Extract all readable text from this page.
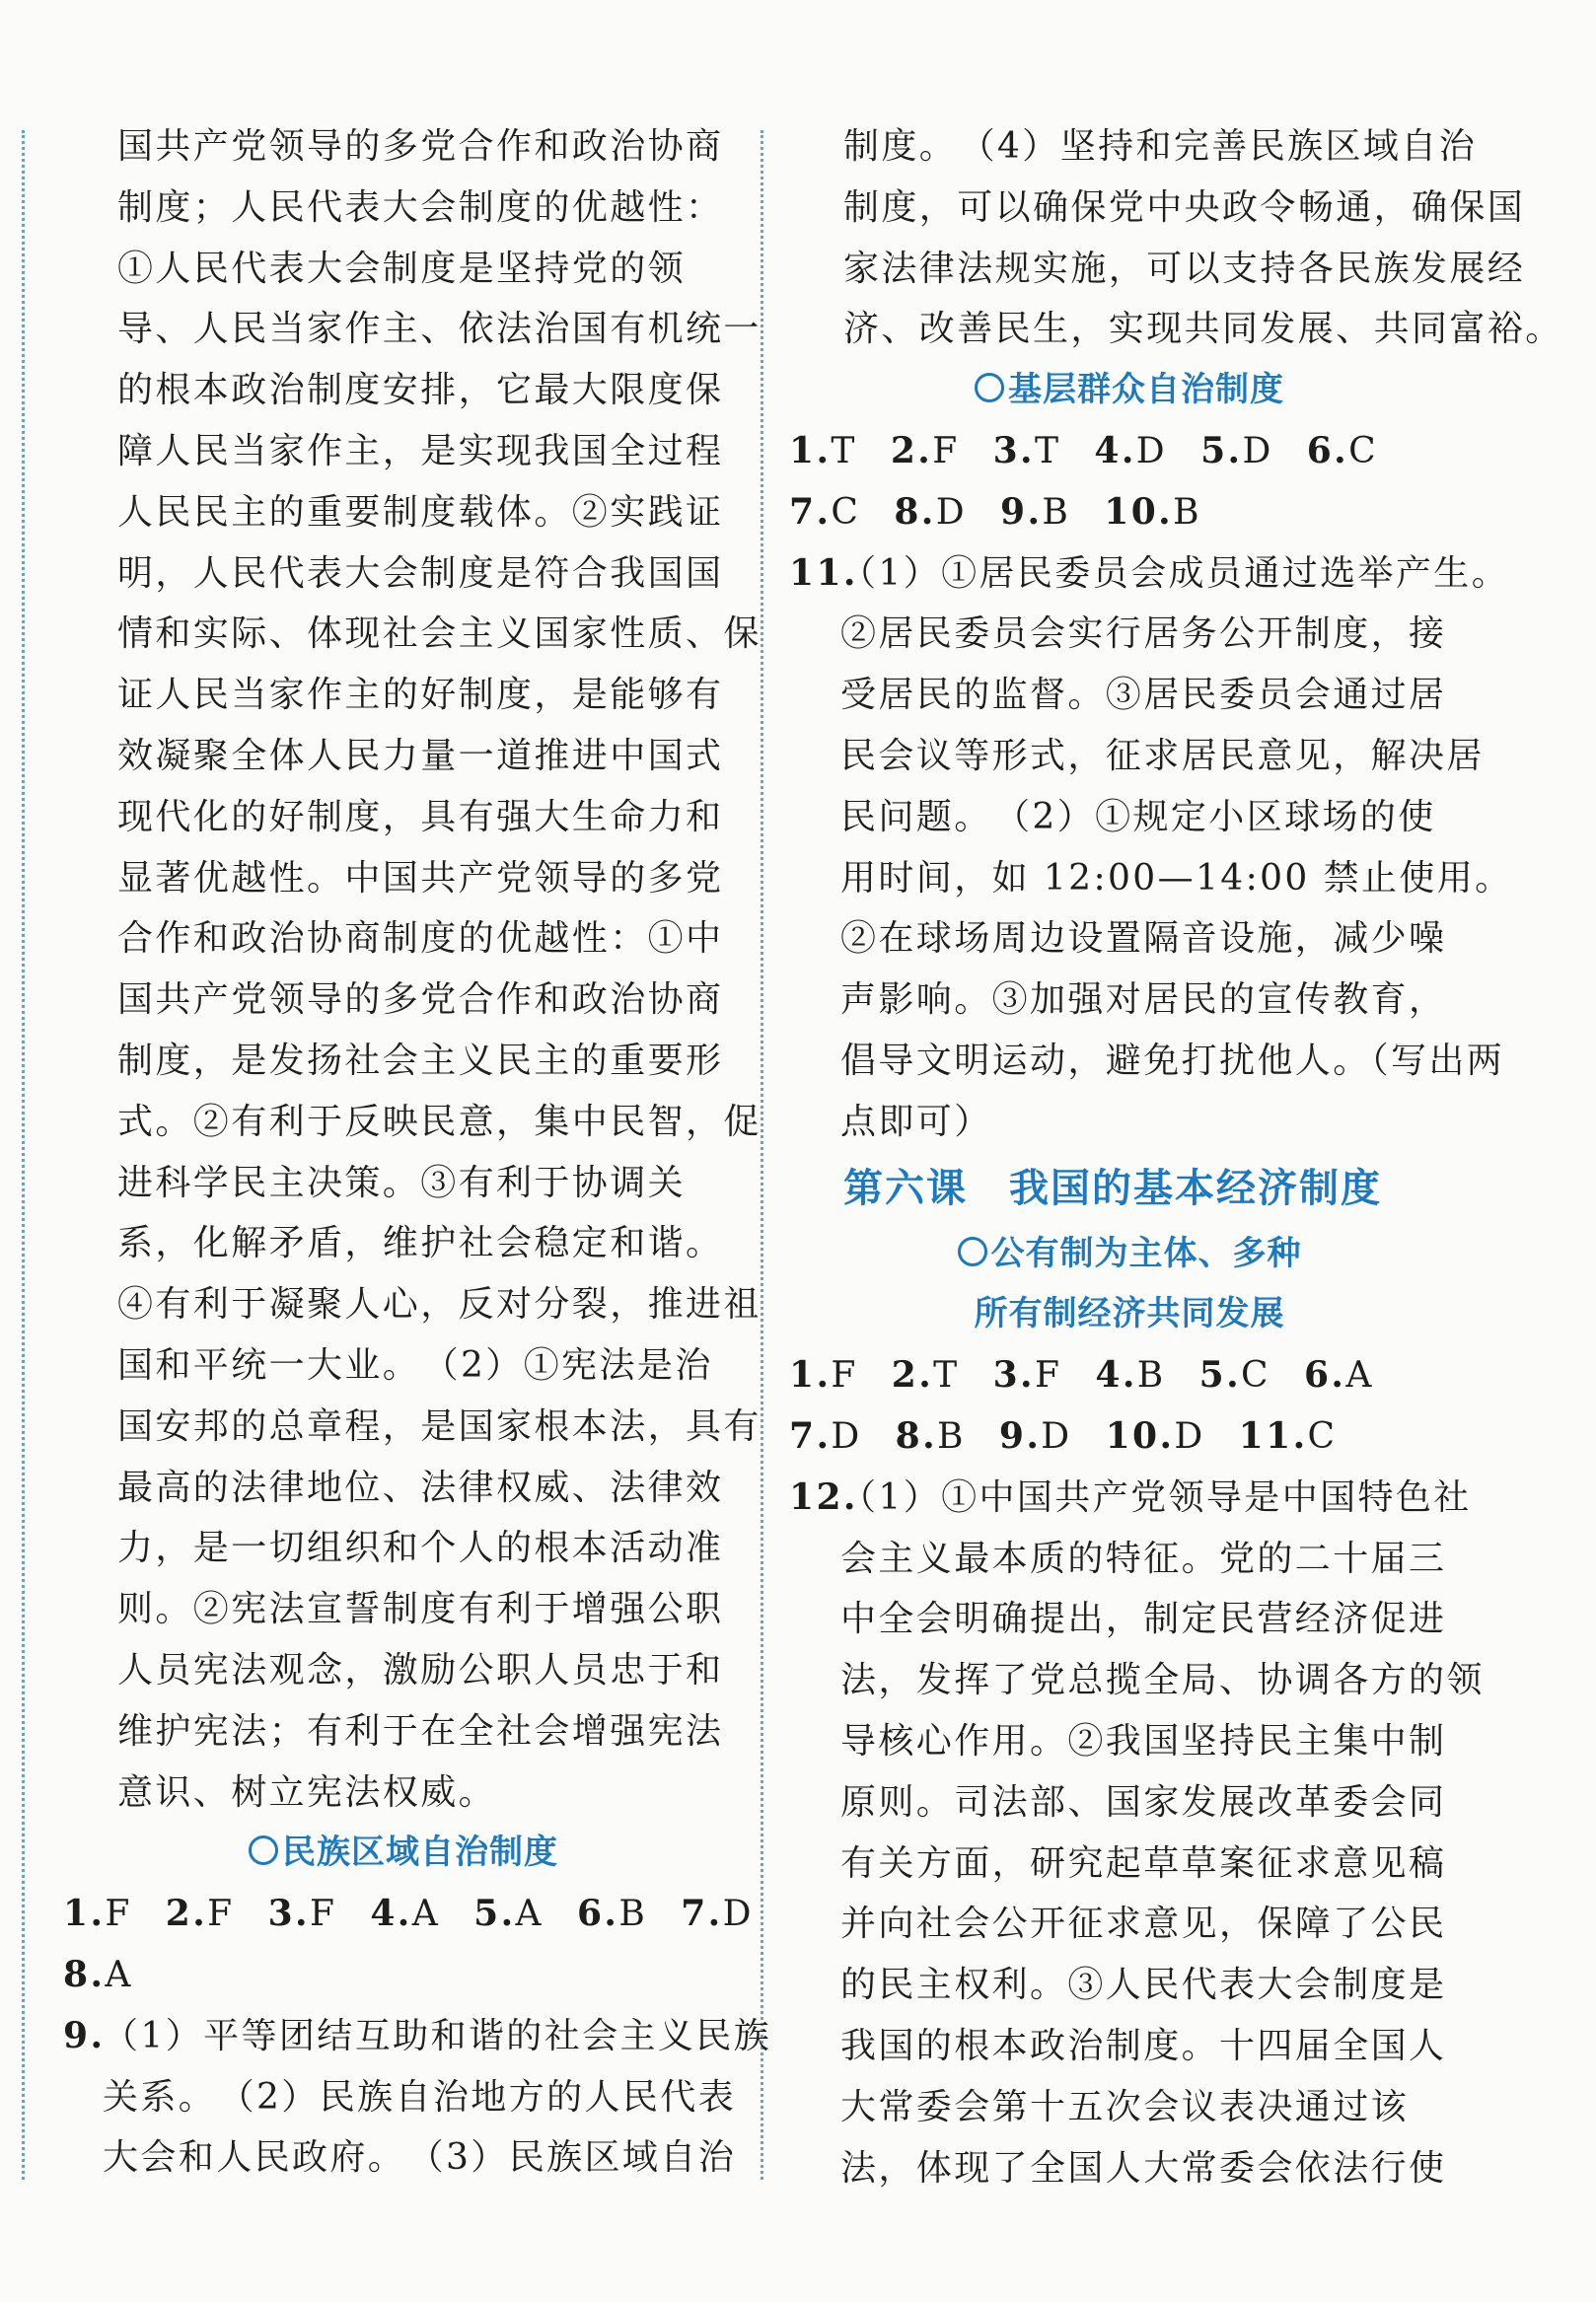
国共产党领导的多党合作和政治协商
制度；人民代表大会制度的优越性：
①人民代表大会制度是坚持党的领
导、人民当家作主、依法治国有机统一
的根本政治制度安排，它最大限度保
障人民当家作主，是实现我国全过程
人民民主的重要制度载体。②实践证
明，人民代表大会制度是符合我国国
情和实际、体现社会主义国家性质、保
证人民当家作主的好制度，是能够有
效凝聚全体人民力量一道推进中国式
现代化的好制度，具有强大生命力和
显著优越性。中国共产党领导的多党
合作和政治协商制度的优越性：①中
国共产党领导的多党合作和政治协商
制度，是发扬社会主义民主的重要形
式。②有利于反映民意，集中民智，促
进科学民主决策。③有利于协调关
系，化解矛盾，维护社会稳定和谐。
④有利于凝聚人心，反对分裂，推进祖
国和平统一大业。　（2）①宪法是治
国安邦的总章程，是国家根本法，具有
最高的法律地位、法律权威、法律效
力，是一切组织和个人的根本活动准
则。②宪法宣誓制度有利于增强公职
人员宪法观念，激励公职人员忠于和
维护宪法；有利于在全社会增强宪法
意识、树立宪法权威。
民族区域自治制度
1.F 2.F 3.F 4.A 5.A 6.B 7.D
8.A
9.
（1）平等团结互助和谐的社会主义民族
关系。　（2）民族自治地方的人民代表
大会和人民政府。　（3）民族区域自治
制度。　（4）坚持和完善民族区域自治
制度，可以确保党中央政令畅通，确保国
家法律法规实施，可以支持各民族发展经
济、改善民生，实现共同发展、共同富裕。
基层群众自治制度
1.T 2.F 3.T 4.D 5.D 6.C
7.C 8.D 9.B 10.B
11.
（1）①居民委员会成员通过选举产生。
②居民委员会实行居务公开制度，接
受居民的监督。③居民委员会通过居
民会议等形式，征求居民意见，解决居
民问题。　（2）①规定小区球场的使
用时间，如 12:00—14:00 禁止使用。
②在球场周边设置隔音设施，减少噪
声影响。③加强对居民的宣传教育，
倡导文明运动，避免打扰他人。（写出两
点即可）
第六课　我国的基本经济制度
公有制为主体、多种
所有制经济共同发展
1.F 2.T 3.F 4.B 5.C 6.A
7.D 8.B 9.D 10.D 11.C
12.
（1）①中国共产党领导是中国特色社
会主义最本质的特征。党的二十届三
中全会明确提出，制定民营经济促进
法，发挥了党总揽全局、协调各方的领
导核心作用。②我国坚持民主集中制
原则。司法部、国家发展改革委会同
有关方面，研究起草草案征求意见稿
并向社会公开征求意见，保障了公民
的民主权利。③人民代表大会制度是
我国的根本政治制度。十四届全国人
大常委会第十五次会议表决通过该
法，体现了全国人大常委会依法行使
